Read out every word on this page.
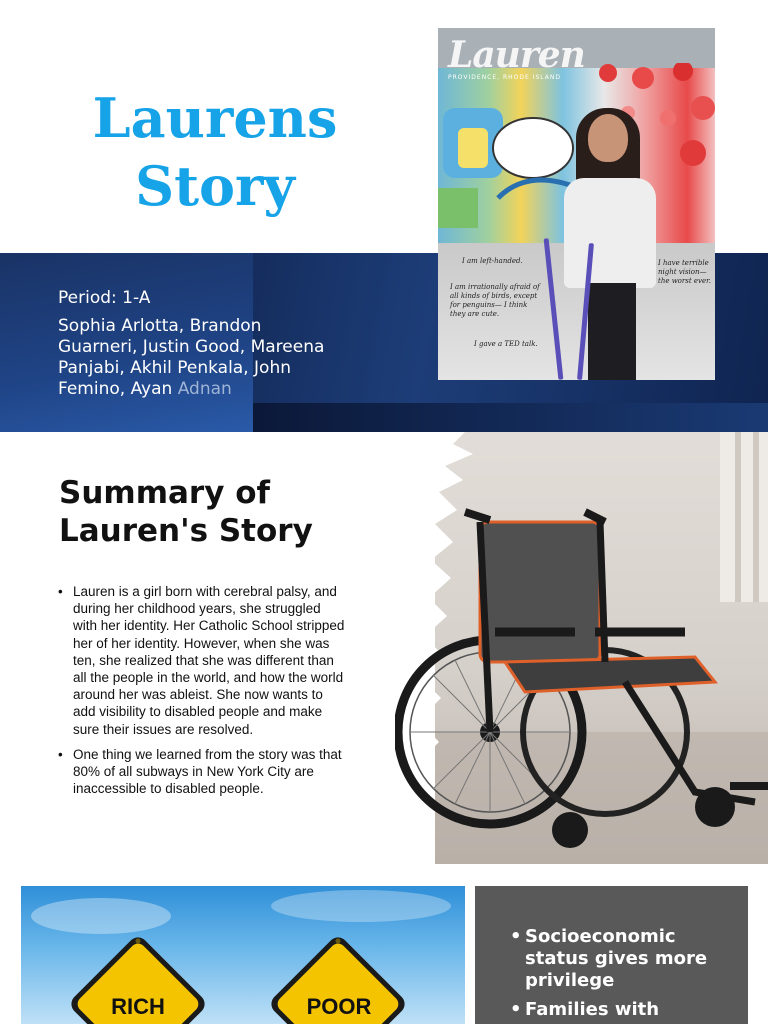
Laurens
Story
Period: 1-A
Sophia Arlotta, Brandon Guarneri, Justin Good, Mareena Panjabi, Akhil Penkala, John Femino, Ayan Adnan
Lauren
PROVIDENCE, RHODE ISLAND
I am left-handed.
I am irrationally afraid of all kinds of birds, except for penguins— I think they are cute.
I have terrible night vision— the worst ever.
I gave a TED talk.
Summary of
Lauren's Story
• Lauren is a girl born with cerebral palsy, and during her childhood years, she struggled with her identity. Her Catholic School stripped her of her identity. However, when she was ten, she realized that she was different than all the people in the world, and how the world around her was ableist. She now wants to add visibility to disabled people and make sure their issues are resolved.
• One thing we learned from the story was that 80% of all subways in New York City are inaccessible to disabled people.
RICH	POOR
• Socioeconomic status gives more privilege
• Families with
